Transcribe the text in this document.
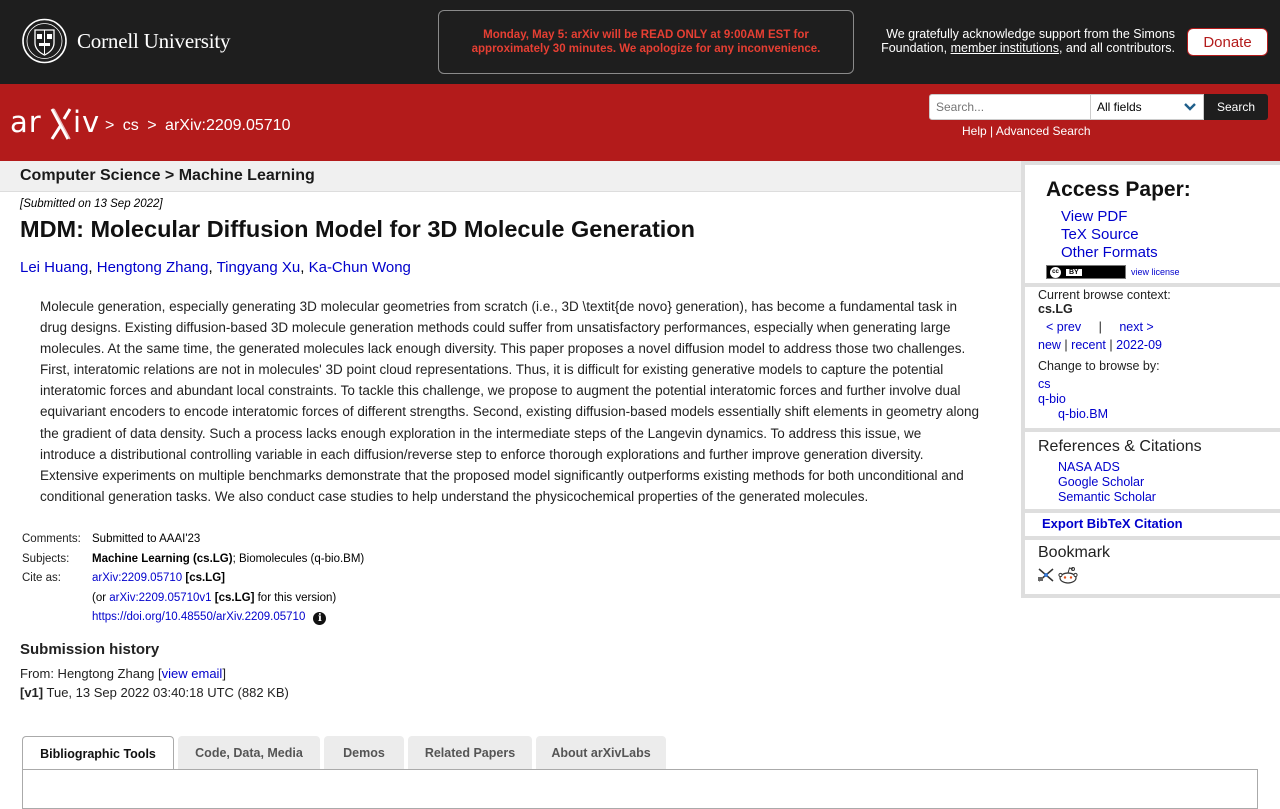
Cornell University	Monday, May 5: arXiv will be READ ONLY at 9:00AM EST for approximately 30 minutes. We apologize for any inconvenience.
We gratefully acknowledge support from the Simons Foundation, member institutions, and all contributors.	Donate
ar iv > cs > arXiv:2209.05710
Search...
All fields	Search
Help | Advanced Search
Computer Science > Machine Learning
[Submitted on 13 Sep 2022]
MDM: Molecular Diffusion Model for 3D Molecule Generation
Lei Huang, Hengtong Zhang, Tingyang Xu, Ka-Chun Wong
Molecule generation, especially generating 3D molecular geometries from scratch (i.e., 3D \textit{de novo} generation), has become a fundamental task in drug designs. Existing diffusion-based 3D molecule generation methods could suffer from unsatisfactory performances, especially when generating large molecules. At the same time, the generated molecules lack enough diversity. This paper proposes a novel diffusion model to address those two challenges. First, interatomic relations are not in molecules' 3D point cloud representations. Thus, it is difficult for existing generative models to capture the potential interatomic forces and abundant local constraints. To tackle this challenge, we propose to augment the potential interatomic forces and further involve dual equivariant encoders to encode interatomic forces of different strengths. Second, existing diffusion-based models essentially shift elements in geometry along the gradient of data density. Such a process lacks enough exploration in the intermediate steps of the Langevin dynamics. To address this issue, we introduce a distributional controlling variable in each diffusion/reverse step to enforce thorough explorations and further improve generation diversity. Extensive experiments on multiple benchmarks demonstrate that the proposed model significantly outperforms existing methods for both unconditional and conditional generation tasks. We also conduct case studies to help understand the physicochemical properties of the generated molecules.
Comments:	Submitted to AAAI'23
Subjects:	Machine Learning (cs.LG); Biomolecules (q-bio.BM)
Cite as:	arXiv:2209.05710 [cs.LG]
	(or arXiv:2209.05710v1 [cs.LG] for this version)
	https://doi.org/10.48550/arXiv.2209.05710 i
Submission history
From: Hengtong Zhang [view email]
[v1] Tue, 13 Sep 2022 03:40:18 UTC (882 KB)
Bibliographic Tools	Code, Data, Media	Demos	Related Papers	About arXivLabs
Access Paper:
View PDF
TeX Source
Other Formats
cc	BY	view license
Current browse context:
cs.LG
< prev | next >
new | recent | 2022-09
Change to browse by:
cs
q-bio
q-bio.BM
References & Citations
NASA ADS
Google Scholar
Semantic Scholar
Export BibTeX Citation
Bookmark
